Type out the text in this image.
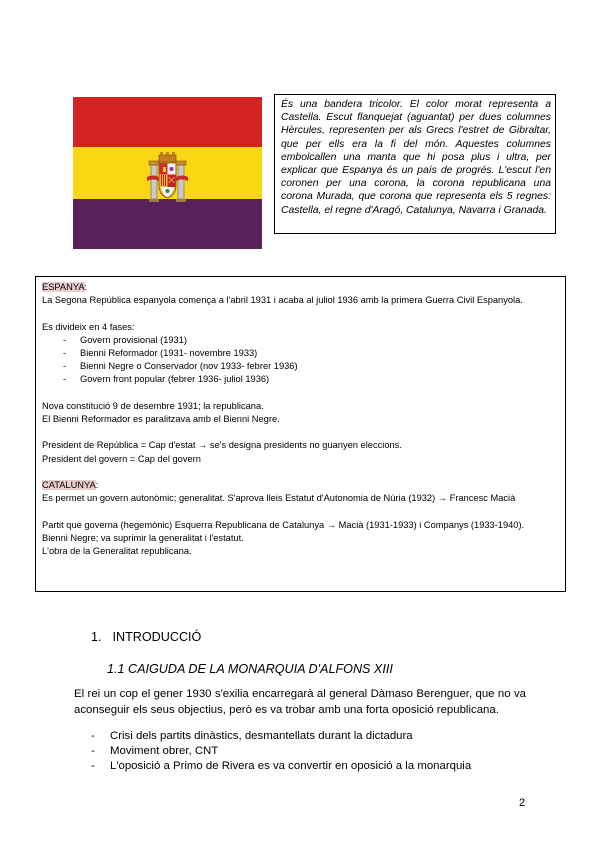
És una bandera tricolor. El color morat representa a Castella. Escut flanquejat (aguantat) per dues columnes Hèrcules, representen per als Grecs l'estret de Gibraltar, que per ells era la fi del món. Aquestes columnes embolcallen una manta que hi posa plus i ultra, per explicar que Espanya és un país de progrés. L'escut l'en coronen per una corona, la corona republicana una corona Murada, que corona que representa els 5 regnes: Castella, el regne d'Aragó, Catalunya, Navarra i Granada.

ESPANYA:

La Segona República espanyola comença a l'abril 1931 i acaba al juliol 1936 amb la primera Guerra Civil Espanyola.

Es divideix en 4 fases:

- Govern provisional (1931)
- Bienni Reformador (1931- novembre 1933)
- Bienni Negre o Conservador (nov 1933- febrer 1936)
- Govern front popular (febrer 1936- juliol 1936)

Nova constitució 9 de desembre 1931; la republicana.

El Bienni Reformador es paralitzava amb el Bienni Negre.

President de República = Cap d'estat → se's designa presidents no guanyen eleccions.

President del govern = Cap del govern

CATALUNYA:

Es permet un govern autonòmic; generalitat. S'aprova lleis Estatut d'Autonomia de Núria (1932) → Francesc Macià

Partit que governa (hegemònic) Esquerra Republicana de Catalunya → Macià (1931-1933) i Companys (1933-1940).

Bienni Negre; va suprimir la generalitat i l'estatut.

L'obra de la Generalitat republicana.

1. INTRODUCCIÓ
1.1 CAIGUDA DE LA MONARQUIA D'ALFONS XIII

El rei un cop el gener 1930 s'exilia encarregarà al general Dàmaso Berenguer, que no va aconseguir els seus objectius, però es va trobar amb una forta oposició republicana.

- Crisi dels partits dinàstics, desmantellats durant la dictadura
- Moviment obrer, CNT
- L'oposició a Primo de Rivera es va convertir en oposició a la monarquia
2
